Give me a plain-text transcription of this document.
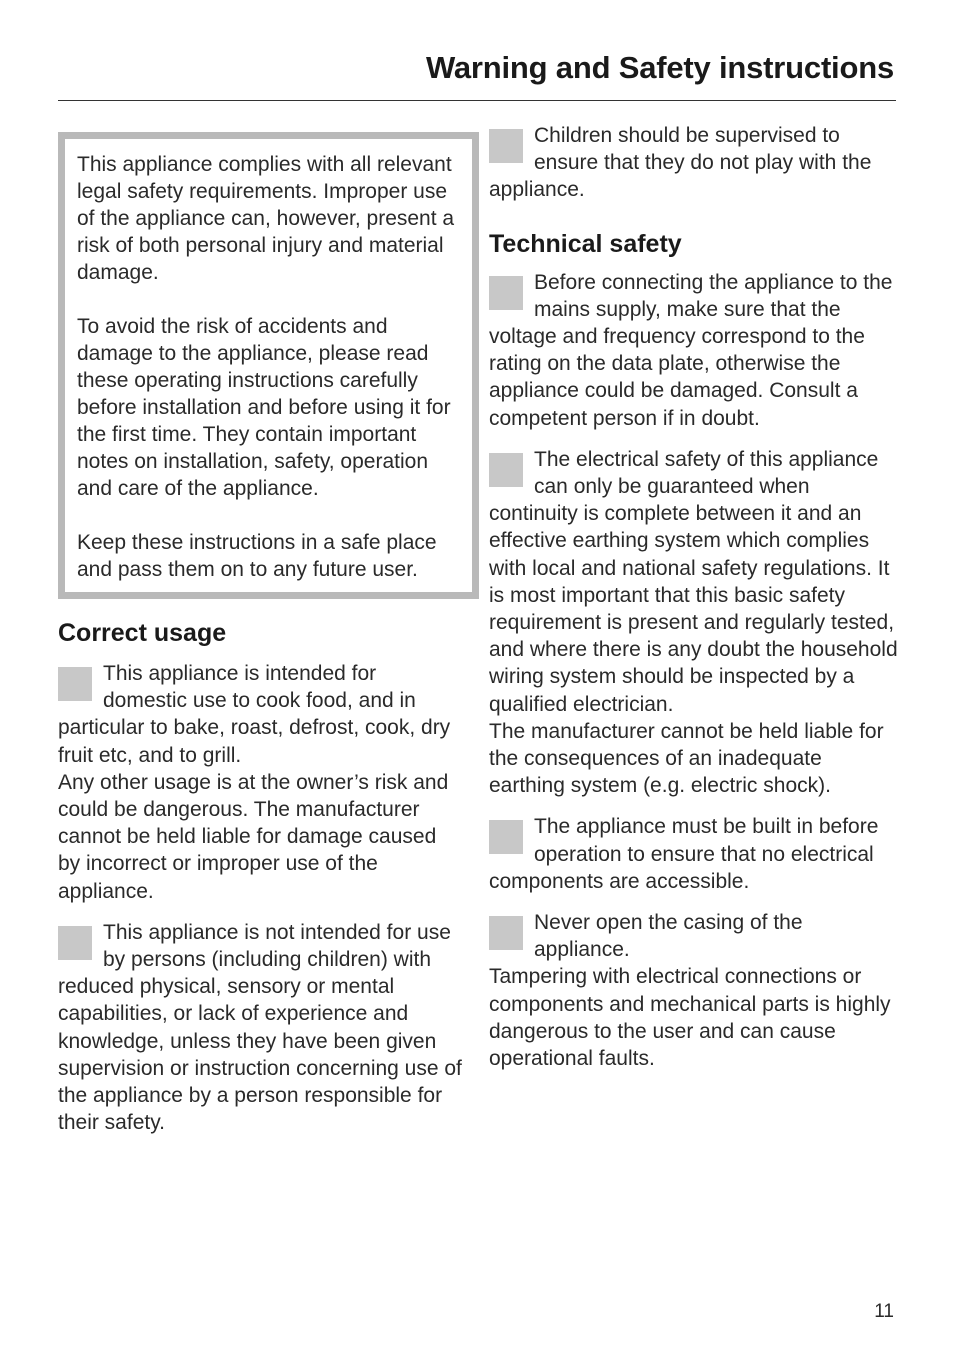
Warning and Safety instructions

This appliance complies with all relevant legal safety requirements. Improper use of the appliance can, however, present a risk of both personal injury and material damage.

To avoid the risk of accidents and damage to the appliance, please read these operating instructions carefully before installation and before using it for the first time. They contain important notes on installation, safety, operation and care of the appliance.

Keep these instructions in a safe place and pass them on to any future user.

Correct usage

This appliance is intended for domestic use to cook food, and in particular to bake, roast, defrost, cook, dry fruit etc, and to grill.

Any other usage is at the owner’s risk and could be dangerous. The manufacturer cannot be held liable for damage caused by incorrect or improper use of the appliance.

This appliance is not intended for use by persons (including children) with reduced physical, sensory or mental capabilities, or lack of experience and knowledge, unless they have been given supervision or instruction concerning use of the appliance by a person responsible for their safety.

Children should be supervised to ensure that they do not play with the appliance.

Technical safety

Before connecting the appliance to the mains supply, make sure that the voltage and frequency correspond to the rating on the data plate, otherwise the appliance could be damaged. Consult a competent person if in doubt.

The electrical safety of this appliance can only be guaranteed when continuity is complete between it and an effective earthing system which complies with local and national safety regulations. It is most important that this basic safety requirement is present and regularly tested, and where there is any doubt the household wiring system should be inspected by a qualified electrician.

The manufacturer cannot be held liable for the consequences of an inadequate earthing system (e.g. electric shock).

The appliance must be built in before operation to ensure that no electrical components are accessible.

Never open the casing of the appliance.

Tampering with electrical connections or components and mechanical parts is highly dangerous to the user and can cause operational faults.

11
